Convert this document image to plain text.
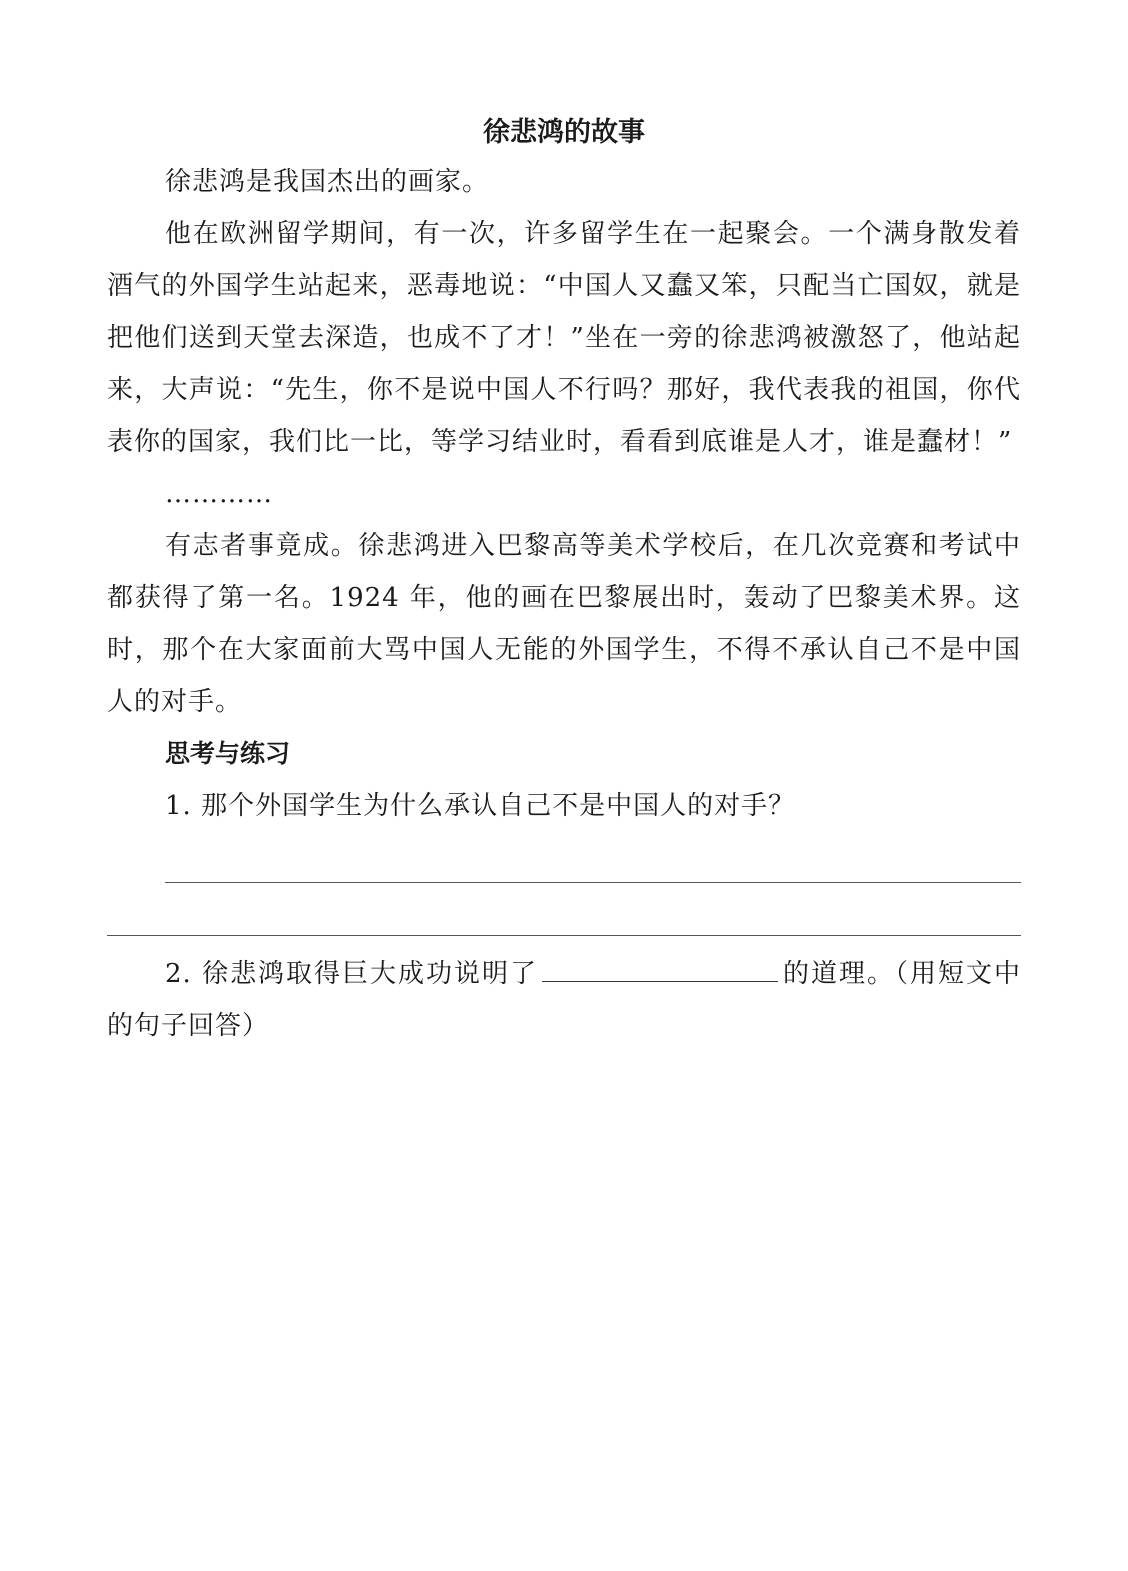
徐悲鸿的故事

徐悲鸿是我国杰出的画家。

他在欧洲留学期间，有一次，许多留学生在一起聚会。一个满身散发着酒气的外国学生站起来，恶毒地说：“中国人又蠢又笨，只配当亡国奴，就是把他们送到天堂去深造，也成不了才！”坐在一旁的徐悲鸿被激怒了，他站起来，大声说：“先生，你不是说中国人不行吗？那好，我代表我的祖国，你代表你的国家，我们比一比，等学习结业时，看看到底谁是人才，谁是蠢材！”

…………

有志者事竟成。徐悲鸿进入巴黎高等美术学校后，在几次竞赛和考试中都获得了第一名。1924 年，他的画在巴黎展出时，轰动了巴黎美术界。这时，那个在大家面前大骂中国人无能的外国学生，不得不承认自己不是中国人的对手。

思考与练习

1. 那个外国学生为什么承认自己不是中国人的对手？

2. 徐悲鸿取得巨大成功说明了	的道理。（用短文中的句子回答）
